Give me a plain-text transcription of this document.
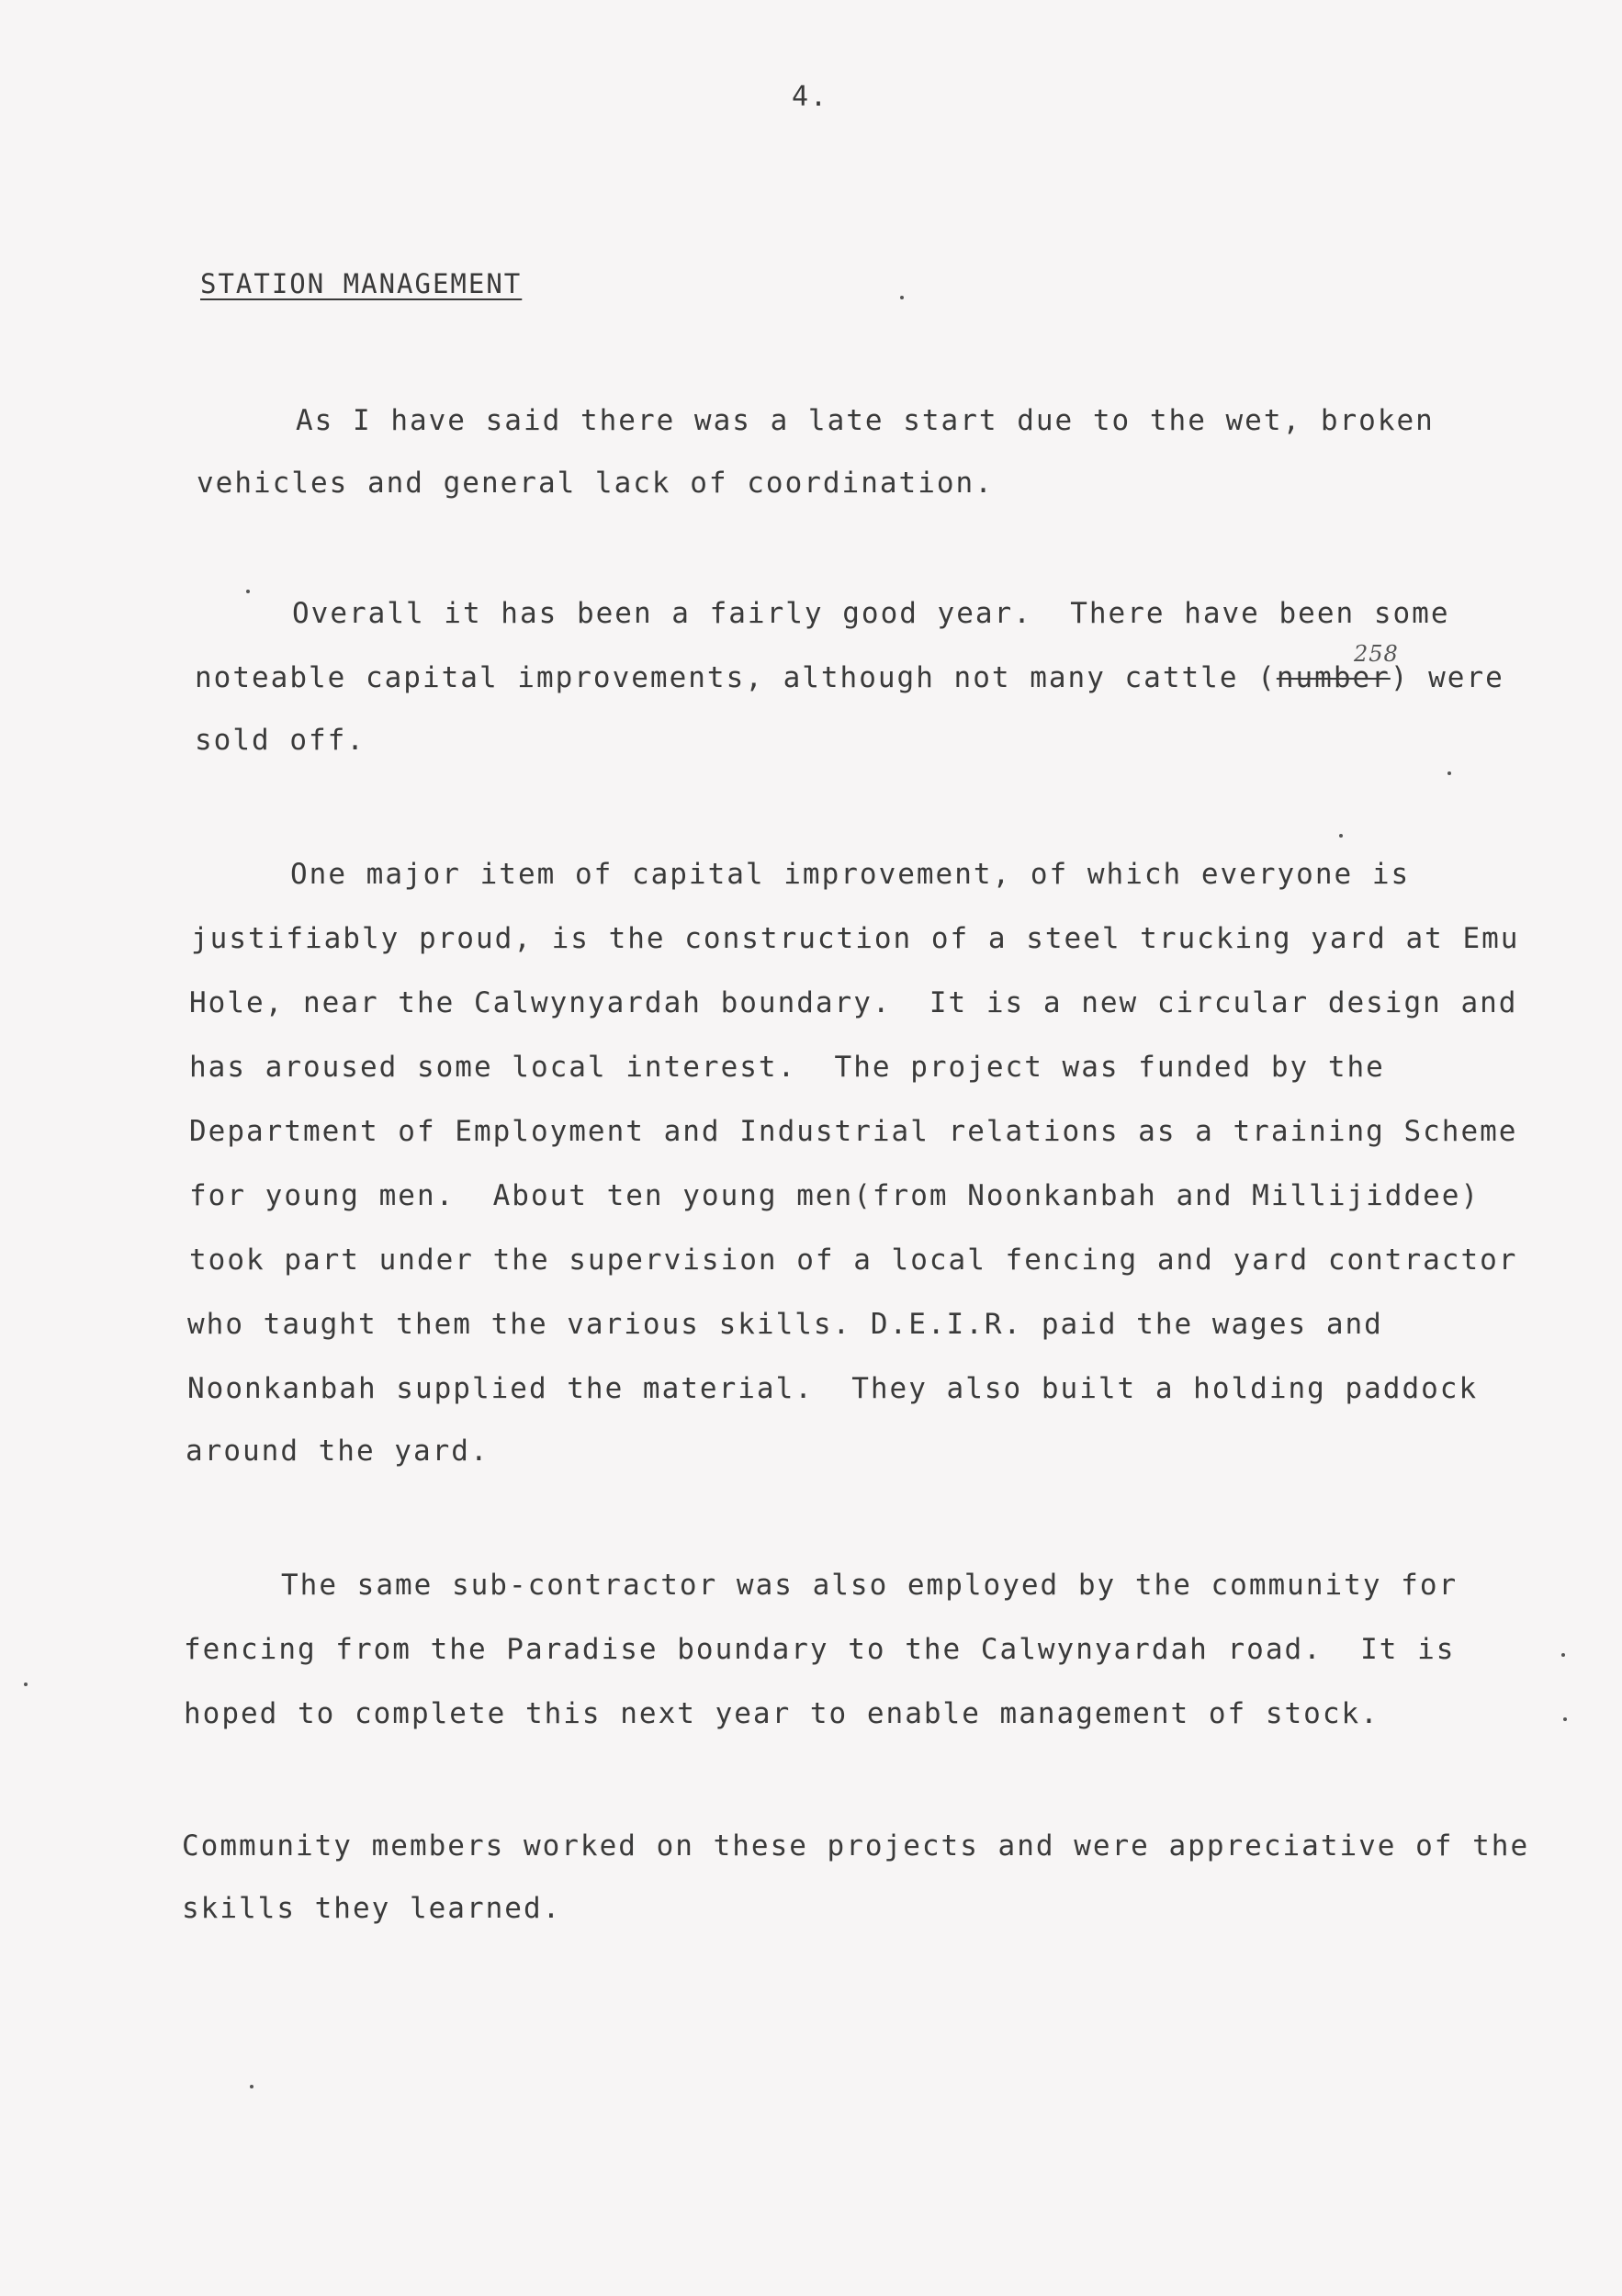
4.
STATION MANAGEMENT
As I have said there was a late start due to the wet, broken
vehicles and general lack of coordination.
Overall it has been a fairly good year.  There have been some
258
noteable capital improvements, although not many cattle (number) were
sold off.
One major item of capital improvement, of which everyone is
justifiably proud, is the construction of a steel trucking yard at Emu
Hole, near the Calwynyardah boundary.  It is a new circular design and
has aroused some local interest.  The project was funded by the
Department of Employment and Industrial relations as a training Scheme
for young men.  About ten young men(from Noonkanbah and Millijiddee)
took part under the supervision of a local fencing and yard contractor
who taught them the various skills. D.E.I.R. paid the wages and
Noonkanbah supplied the material.  They also built a holding paddock
around the yard.
The same sub-contractor was also employed by the community for
fencing from the Paradise boundary to the Calwynyardah road.  It is
hoped to complete this next year to enable management of stock.
Community members worked on these projects and were appreciative of the
skills they learned.
